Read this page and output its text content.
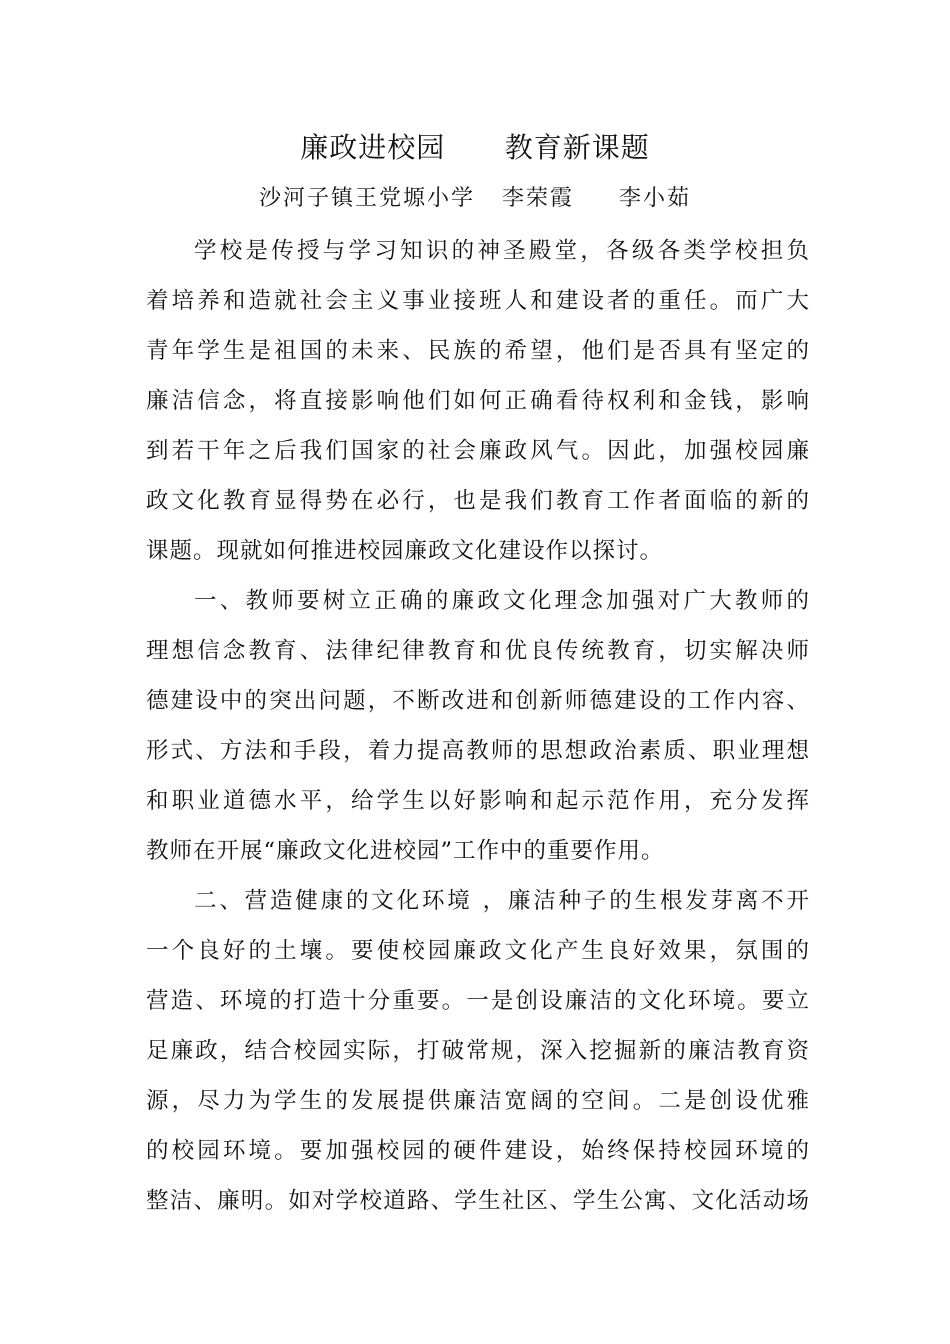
廉政进校园      教育新课题
沙河子镇王党塬小学   李荣霞     李小茹
学校是传授与学习知识的神圣殿堂，各级各类学校担负
着培养和造就社会主义事业接班人和建设者的重任。而广大
青年学生是祖国的未来、民族的希望，他们是否具有坚定的
廉洁信念，将直接影响他们如何正确看待权利和金钱，影响
到若干年之后我们国家的社会廉政风气。因此，加强校园廉
政文化教育显得势在必行，也是我们教育工作者面临的新的
课题。现就如何推进校园廉政文化建设作以探讨。
一、教师要树立正确的廉政文化理念加强对广大教师的
理想信念教育、法律纪律教育和优良传统教育，切实解决师
德建设中的突出问题，不断改进和创新师德建设的工作内容、
形式、方法和手段，着力提高教师的思想政治素质、职业理想
和职业道德水平，给学生以好影响和起示范作用，充分发挥
教师在开展“廉政文化进校园”工作中的重要作用。
二、营造健康的文化环境 ，廉洁种子的生根发芽离不开
一个良好的土壤。要使校园廉政文化产生良好效果，氛围的
营造、环境的打造十分重要。一是创设廉洁的文化环境。要立
足廉政，结合校园实际，打破常规，深入挖掘新的廉洁教育资
源，尽力为学生的发展提供廉洁宽阔的空间。二是创设优雅
的校园环境。要加强校园的硬件建设，始终保持校园环境的
整洁、廉明。如对学校道路、学生社区、学生公寓、文化活动场
